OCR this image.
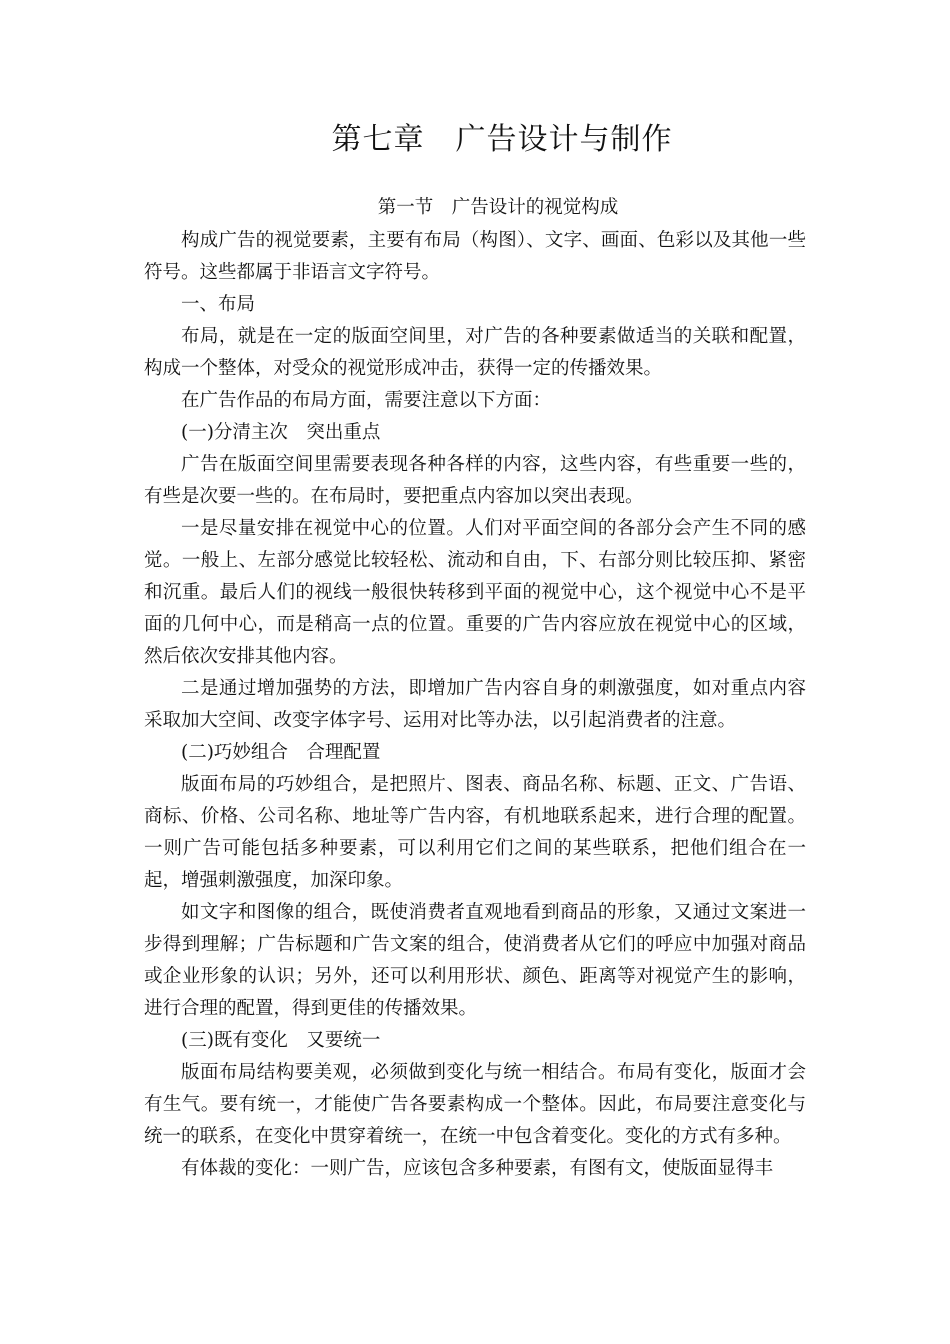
第七章　广告设计与制作
第一节　广告设计的视觉构成

构成广告的视觉要素，主要有布局（构图）、文字、画面、色彩以及其他一些符号。这些都属于非语言文字符号。

一、布局

布局，就是在一定的版面空间里，对广告的各种要素做适当的关联和配置，构成一个整体，对受众的视觉形成冲击，获得一定的传播效果。

在广告作品的布局方面，需要注意以下方面：

(一)分清主次　突出重点

广告在版面空间里需要表现各种各样的内容，这些内容，有些重要一些的，有些是次要一些的。在布局时，要把重点内容加以突出表现。

一是尽量安排在视觉中心的位置。人们对平面空间的各部分会产生不同的感觉。一般上、左部分感觉比较轻松、流动和自由，下、右部分则比较压抑、紧密和沉重。最后人们的视线一般很快转移到平面的视觉中心，这个视觉中心不是平面的几何中心，而是稍高一点的位置。重要的广告内容应放在视觉中心的区域，然后依次安排其他内容。

二是通过增加强势的方法，即增加广告内容自身的刺激强度，如对重点内容采取加大空间、改变字体字号、运用对比等办法，以引起消费者的注意。

(二)巧妙组合　合理配置

版面布局的巧妙组合，是把照片、图表、商品名称、标题、正文、广告语、商标、价格、公司名称、地址等广告内容，有机地联系起来，进行合理的配置。一则广告可能包括多种要素，可以利用它们之间的某些联系，把他们组合在一起，增强刺激强度，加深印象。

如文字和图像的组合，既使消费者直观地看到商品的形象，又通过文案进一步得到理解；广告标题和广告文案的组合，使消费者从它们的呼应中加强对商品或企业形象的认识；另外，还可以利用形状、颜色、距离等对视觉产生的影响，进行合理的配置，得到更佳的传播效果。

(三)既有变化　又要统一

版面布局结构要美观，必须做到变化与统一相结合。布局有变化，版面才会有生气。要有统一，才能使广告各要素构成一个整体。因此，布局要注意变化与统一的联系，在变化中贯穿着统一，在统一中包含着变化。变化的方式有多种。

有体裁的变化：一则广告，应该包含多种要素，有图有文，使版面显得丰
